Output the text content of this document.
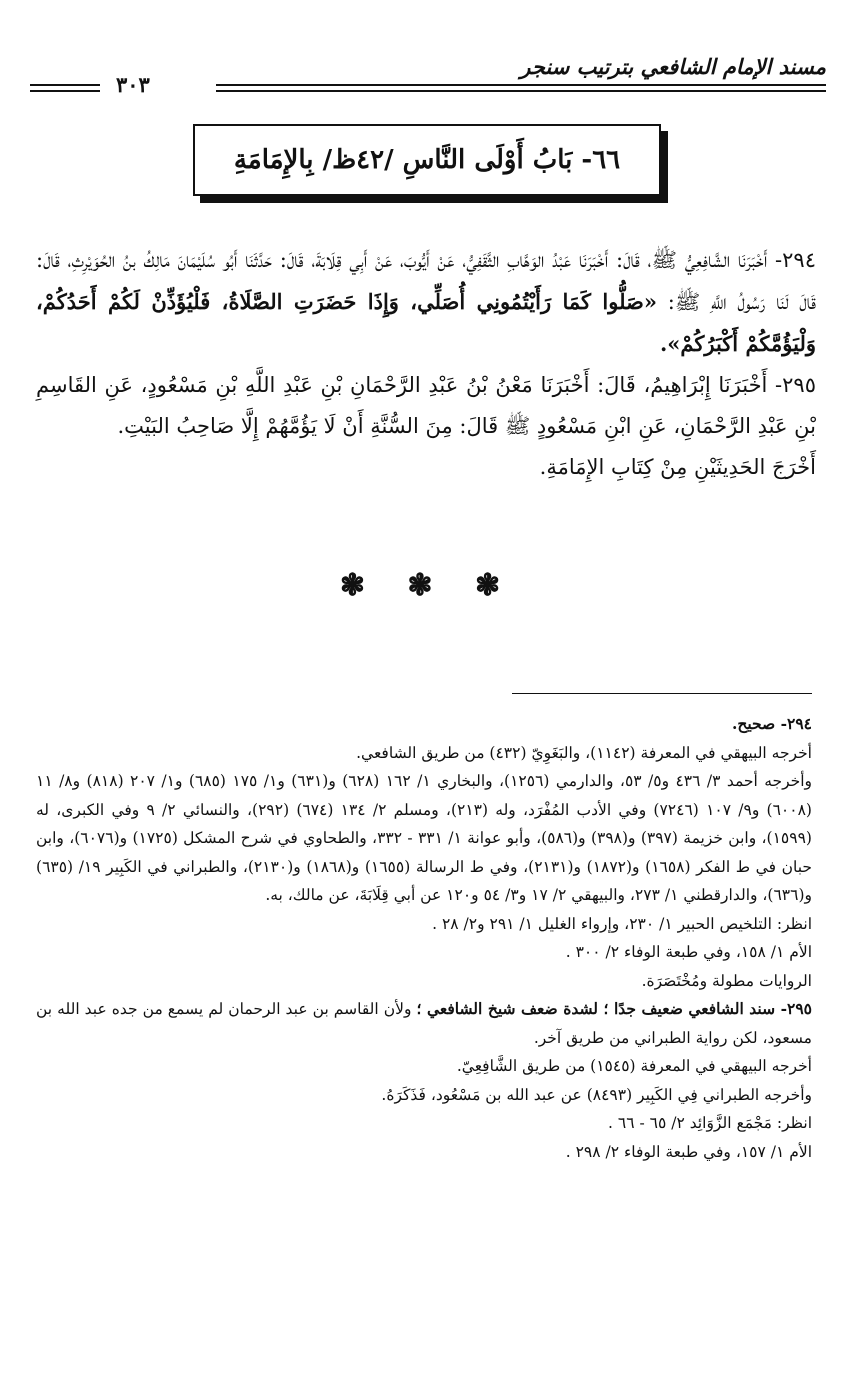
مسند الإمام الشافعي بترتيب سنجر
٣٠٣
٦٦- بَابُ أَوْلَى النَّاسِ /٤٢ظ/ بِالإِمَامَةِ

٢٩٤- أَخْبَرَنَا الشَّافِعِيُّ ﷺ، قَالَ: أَخْبَرَنَا عَبْدُ الوَهَّابِ الثَّقَفِيُّ، عَنْ أَيُّوبَ، عَنْ أَبِي قِلَابَةَ، قَالَ: حَدَّثَنَا أَبُو سُلَيْمَانَ مَالِكُ بنُ الحُوَيْرِثِ، قَالَ: قَالَ لَنَا رَسُولُ اللَّهِ ﷺ: «صَلُّوا كَمَا رَأَيْتُمُونِي أُصَلِّي، وَإِذَا حَضَرَتِ الصَّلَاةُ، فَلْيُؤَذِّنْ لَكُمْ أَحَدُكُمْ، وَلْيَؤُمَّكُمْ أَكْبَرُكُمْ».

٢٩٥- أَخْبَرَنَا إِبْرَاهِيمُ، قَالَ: أَخْبَرَنَا مَعْنُ بْنُ عَبْدِ الرَّحْمَانِ بْنِ عَبْدِ اللَّهِ بْنِ مَسْعُودٍ، عَنِ القَاسِمِ بْنِ عَبْدِ الرَّحْمَانِ، عَنِ ابْنِ مَسْعُودٍ ﷺ قَالَ: مِنَ السُّنَّةِ أَنْ لَا يَؤُمَّهُمْ إِلَّا صَاحِبُ البَيْتِ.

أَخْرَجَ الحَدِيثَيْنِ مِنْ كِتَابِ الإِمَامَةِ.

❃ ❃ ❃

٢٩٤- صحيح.

أخرجه البيهقي في المعرفة (١١٤٢)، والبَغَوِيّ (٤٣٢) من طريق الشافعي.

وأخرجه أحمد ٣/ ٤٣٦ و٥/ ٥٣، والدارمي (١٢٥٦)، والبخاري ١/ ١٦٢ (٦٢٨) و(٦٣١) و١/ ١٧٥ (٦٨٥) و١/ ٢٠٧ (٨١٨) و٨/ ١١ (٦٠٠٨) و٩/ ١٠٧ (٧٢٤٦) وفي الأدب المُفْرَد، وله (٢١٣)، ومسلم ٢/ ١٣٤ (٦٧٤) (٢٩٢)، والنسائي ٢/ ٩ وفي الكبرى، له (١٥٩٩)، وابن خزيمة (٣٩٧) و(٣٩٨) و(٥٨٦)، وأبو عوانة ١/ ٣٣١ - ٣٣٢، والطحاوي في شرح المشكل (١٧٢٥) و(٦٠٧٦)، وابن حبان في ط الفكر (١٦٥٨) و(١٨٧٢) و(٢١٣١)، وفي ط الرسالة (١٦٥٥) و(١٨٦٨) و(٢١٣٠)، والطبراني في الكَبِير ١٩/ (٦٣٥) و(٦٣٦)، والدارقطني ١/ ٢٧٣، والبيهقي ٢/ ١٧ و٣/ ٥٤ و١٢٠ عن أبي قِلَابَةَ، عن مالك، به.

انظر: التلخيص الحبير ١/ ٢٣٠، وإرواء الغليل ١/ ٢٩١ و٢/ ٢٨ .

الأم ١/ ١٥٨، وفي طبعة الوفاء ٢/ ٣٠٠ .

الروايات مطولة ومُخْتَصَرَة.

٢٩٥- سند الشافعي ضعيف جدًا ؛ لشدة ضعف شيخ الشافعي ؛ ولأن القاسم بن عبد الرحمان لم يسمع من جده عبد الله بن مسعود، لكن رواية الطبراني من طريق آخر.

أخرجه البيهقي في المعرفة (١٥٤٥) من طريق الشَّافِعِيّ.

وأخرجه الطبراني فِي الكَبِير (٨٤٩٣) عن عبد الله بن مَسْعُود، فَذَكَرَهُ.

انظر: مَجْمَع الزَّوَائِد ٢/ ٦٥ - ٦٦ .

الأم ١/ ١٥٧، وفي طبعة الوفاء ٢/ ٢٩٨ .
